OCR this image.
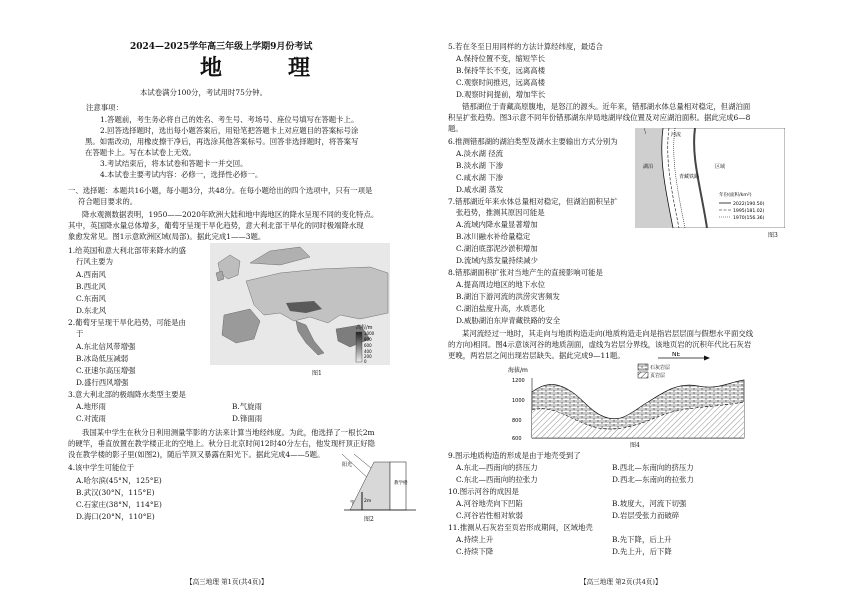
2024—2025学年高三年级上学期9月份考试
地　理
本试卷满分100分，考试用时75分钟。
注意事项：
1.答题前，考生务必将自己的姓名、考生号、考场号、座位号填写在答题卡上。
2.回答选择题时，选出每小题答案后，用铅笔把答题卡上对应题目的答案标号涂
黑。如需改动，用橡皮擦干净后，再选涂其他答案标号。回答非选择题时，将答案写
在答题卡上。写在本试卷上无效。
3.考试结束后，将本试卷和答题卡一并交回。
4.本试卷主要考试内容：必修一，选择性必修一。
一、选择题：本题共16小题，每小题3分，共48分。在每小题给出的四个选项中，只有一项是
符合题目要求的。
降水观测数据表明，1950——2020年欧洲大陆和地中海地区的降水呈现不同的变化特点。
其中，英国降水量总体增多，葡萄牙呈现干旱化趋势，意大利北部干旱化的同时极端降水现
象愈发常见。图1示意欧洲区域(局部)。据此完成1——3题。
1.给英国和意大利北部带来降水的盛
行风主要为
A.西南风
B.西北风
C.东南风
D.东北风
2.葡萄牙呈现干旱化趋势，可能是由
于
A.东北信风带增强
B.冰岛低压减弱
C.亚速尔高压增强
D.盛行西风增强
3.意大利北部的极端降水类型主要是
A.地形雨	B.气旋雨
C.对流雨	D.锋面雨
我国某中学生在秋分日利用测量竿影的方法来计算当地经纬度。为此，他选择了一根长2m
的硬竿，垂直放置在教学楼正北的空地上。秋分日北京时间12时40分左右，他发现杆顶正好隐
没在教学楼的影子里(如图2)，随后竿顶又暴露在阳光下。据此完成4——5题。
4.该中学生可能位于
A.哈尔滨(45°N，125°E)
B.武汉(30°N，115°E)
C.石家庄(38°N，114°E)
D.海口(20°N，110°E)
高程/m
1000
800
600
400
200
0
图1
阳光
教学楼
竿 2m
图2
【高三地理 第1页(共4页)】
5.若在冬至日用同样的方法计算经纬度，最适合
A.保持位置不变，缩短竿长
B.保持竿长不变，远离高楼
C.观察时间推迟，远离高楼
D.观察时间提前，增加竿长
错那湖位于青藏高原腹地，是怒江的源头。近年来，错那湖水体总量相对稳定，但湖泊面
积呈扩张趋势。图3示意不同年份错那湖东岸局地湖岸线位置及对应湖泊面积。据此完成6—8
题。
6.推测错那湖的湖泊类型及湖水主要输出方式分别为
A.淡水湖 径流
B.淡水湖 下渗
C.咸水湖 下渗
D.咸水湖 蒸发
7.错那湖近年来水体总量相对稳定，但湖泊面积呈扩
张趋势，推测其原因可能是
A.流域内降水量显著增加
B.冰川融水补给量稳定
C.湖泊底部泥沙淤积增加
D.流域内蒸发量持续减少
8.错那湖面积扩张对当地产生的直接影响可能是
A.提高周边地区的地下水位
B.湖泊下游河流的洪涝灾害频发
C.湖泊盐度升高，水质恶化
D.威胁湖泊东岸青藏铁路的安全
某河流经过一地时，其走向与地质构造走向(地质构造走向是指岩层层面与假想水平面交线
的方向)相同。图4示意该河谷的地质剖面，虚线为岩层分界线，该地页岩的沉积年代比石灰岩
更晚，两岩层之间出现岩层缺失。据此完成9—11题。
湖泊
河流
青藏铁路
区域
年份(面积/km²)
2022(190.50)
1995(181.02)
1970(156.36)
图3
NE
海拔/m
1200
1000
800
600
石灰岩层
页岩层
图4
9.图示地质构造的形成是由于地壳受到了
A.东北—西南向的挤压力	B.西北—东南向的挤压力
C.东北—西南向的拉张力	D.西北—东南向的拉张力
10.图示河谷的成因是
A.河谷地壳向下凹陷	B.坡度大，河流下切强
C.河谷岩性相对软弱	D.岩层受张力而破碎
11.推测从石灰岩至页岩形成期间，区域地壳
A.持续上升	B.先下降，后上升
C.持续下降	D.先上升，后下降
【高三地理 第2页(共4页)】
